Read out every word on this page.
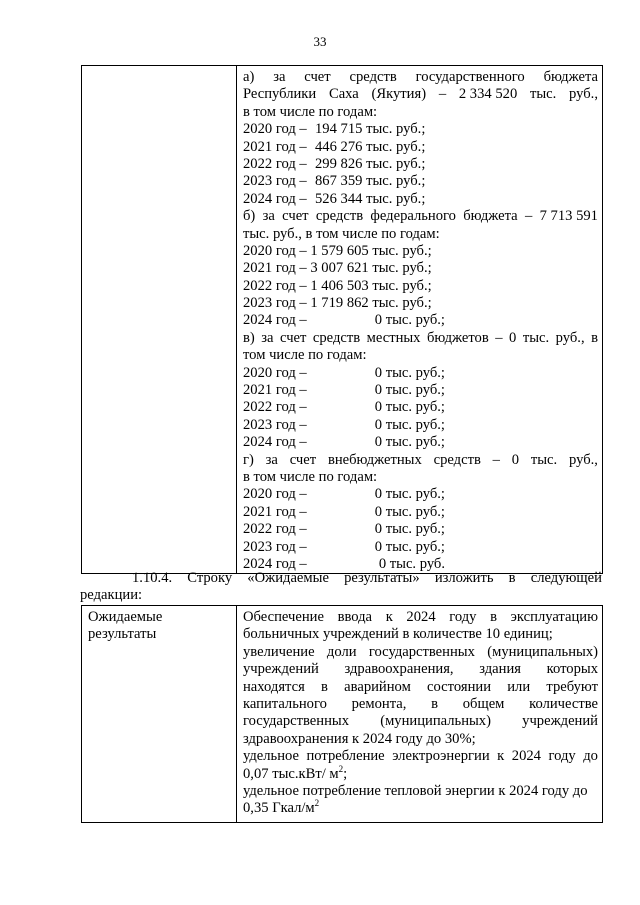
33

а) за счет средств государственного бюджета
Республики Саха (Якутия) – 2 334 520 тыс. руб.,
в том числе по годам:
2020 год – 194 715 тыс. руб.;
2021 год – 446 276 тыс. руб.;
2022 год – 299 826 тыс. руб.;
2023 год – 867 359 тыс. руб.;
2024 год – 526 344 тыс. руб.;
б) за счет средств федерального бюджета – 7 713 591
тыс. руб., в том числе по годам:
2020 год – 1 579 605 тыс. руб.;
2021 год – 3 007 621 тыс. руб.;
2022 год – 1 406 503 тыс. руб.;
2023 год – 1 719 862 тыс. руб.;
2024 год –	0 тыс. руб.;
в) за счет средств местных бюджетов – 0 тыс. руб., в
том числе по годам:
2020 год –	0 тыс. руб.;
2021 год –	0 тыс. руб.;
2022 год –	0 тыс. руб.;
2023 год –	0 тыс. руб.;
2024 год –	0 тыс. руб.;
г) за счет внебюджетных средств – 0 тыс. руб.,
в том числе по годам:
2020 год –	0 тыс. руб.;
2021 год –	0 тыс. руб.;
2022 год –	0 тыс. руб.;
2023 год –	0 тыс. руб.;
2024 год –	0 тыс. руб.
1.10.4. Строку «Ожидаемые результаты» изложить в следующей
редакции:
Ожидаемые
результаты

Обеспечение ввода к 2024 году в эксплуатацию
больничных учреждений в количестве 10 единиц;
увеличение доли государственных (муниципальных)
учреждений здравоохранения, здания которых
находятся в аварийном состоянии или требуют
капитального ремонта, в общем количестве
государственных (муниципальных) учреждений
здравоохранения к 2024 году до 30%;
удельное потребление электроэнергии к 2024 году до
0,07 тыс.кВт/ $м^2$;
удельное потребление тепловой энергии к 2024 году до
0,35 Гкал/$м^2$
